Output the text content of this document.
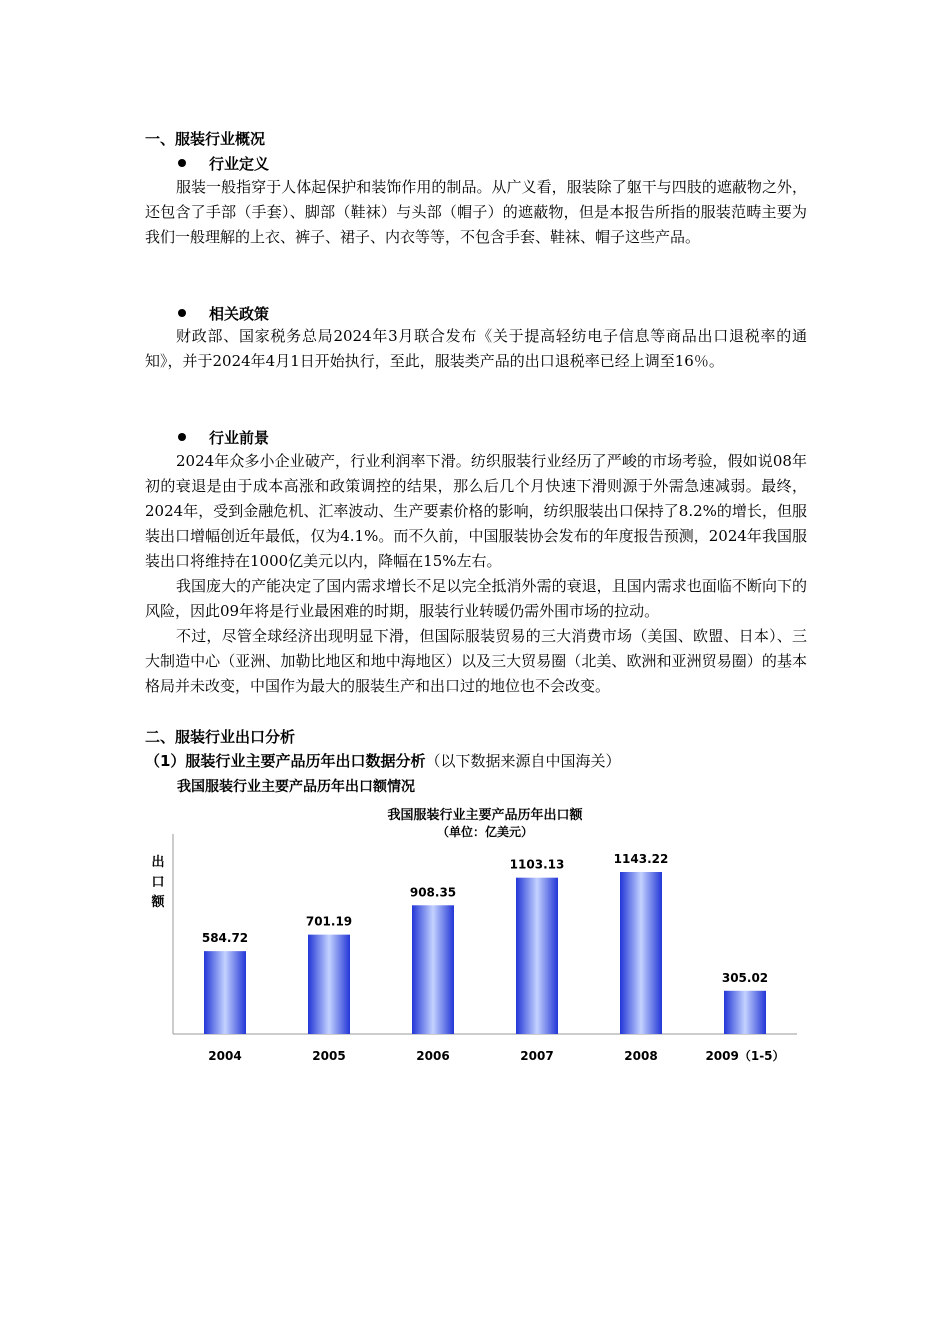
一、服装行业概况
行业定义
服装一般指穿于人体起保护和装饰作用的制品。从广义看，服装除了躯干与四肢的遮蔽物之外，还包含了手部（手套）、脚部（鞋袜）与头部（帽子）的遮蔽物，但是本报告所指的服装范畴主要为我们一般理解的上衣、裤子、裙子、内衣等等，不包含手套、鞋袜、帽子这些产品。
相关政策
财政部、国家税务总局2024年3月联合发布《关于提高轻纺电子信息等商品出口退税率的通知》，并于2024年4月1日开始执行，至此，服装类产品的出口退税率已经上调至16％。
行业前景
2024年众多小企业破产，行业利润率下滑。纺织服装行业经历了严峻的市场考验，假如说08年初的衰退是由于成本高涨和政策调控的结果，那么后几个月快速下滑则源于外需急速减弱。最终，2024年，受到金融危机、汇率波动、生产要素价格的影响，纺织服装出口保持了8.2%的增长，但服装出口增幅创近年最低，仅为4.1%。而不久前，中国服装协会发布的年度报告预测，2024年我国服装出口将维持在1000亿美元以内，降幅在15%左右。
我国庞大的产能决定了国内需求增长不足以完全抵消外需的衰退，且国内需求也面临不断向下的风险，因此09年将是行业最困难的时期，服装行业转暖仍需外围市场的拉动。
不过，尽管全球经济出现明显下滑，但国际服装贸易的三大消费市场（美国、欧盟、日本）、三大制造中心（亚洲、加勒比地区和地中海地区）以及三大贸易圈（北美、欧洲和亚洲贸易圈）的基本格局并未改变，中国作为最大的服装生产和出口过的地位也不会改变。
二、服装行业出口分析
（1）服装行业主要产品历年出口数据分析（以下数据来源自中国海关）
我国服装行业主要产品历年出口额情况
我国服装行业主要产品历年出口额
（单位：亿美元）
出
口
额
584.72
2004
701.19
2005
908.35
2006
1103.13
2007
1143.22
2008
305.02
2009（1-5）
